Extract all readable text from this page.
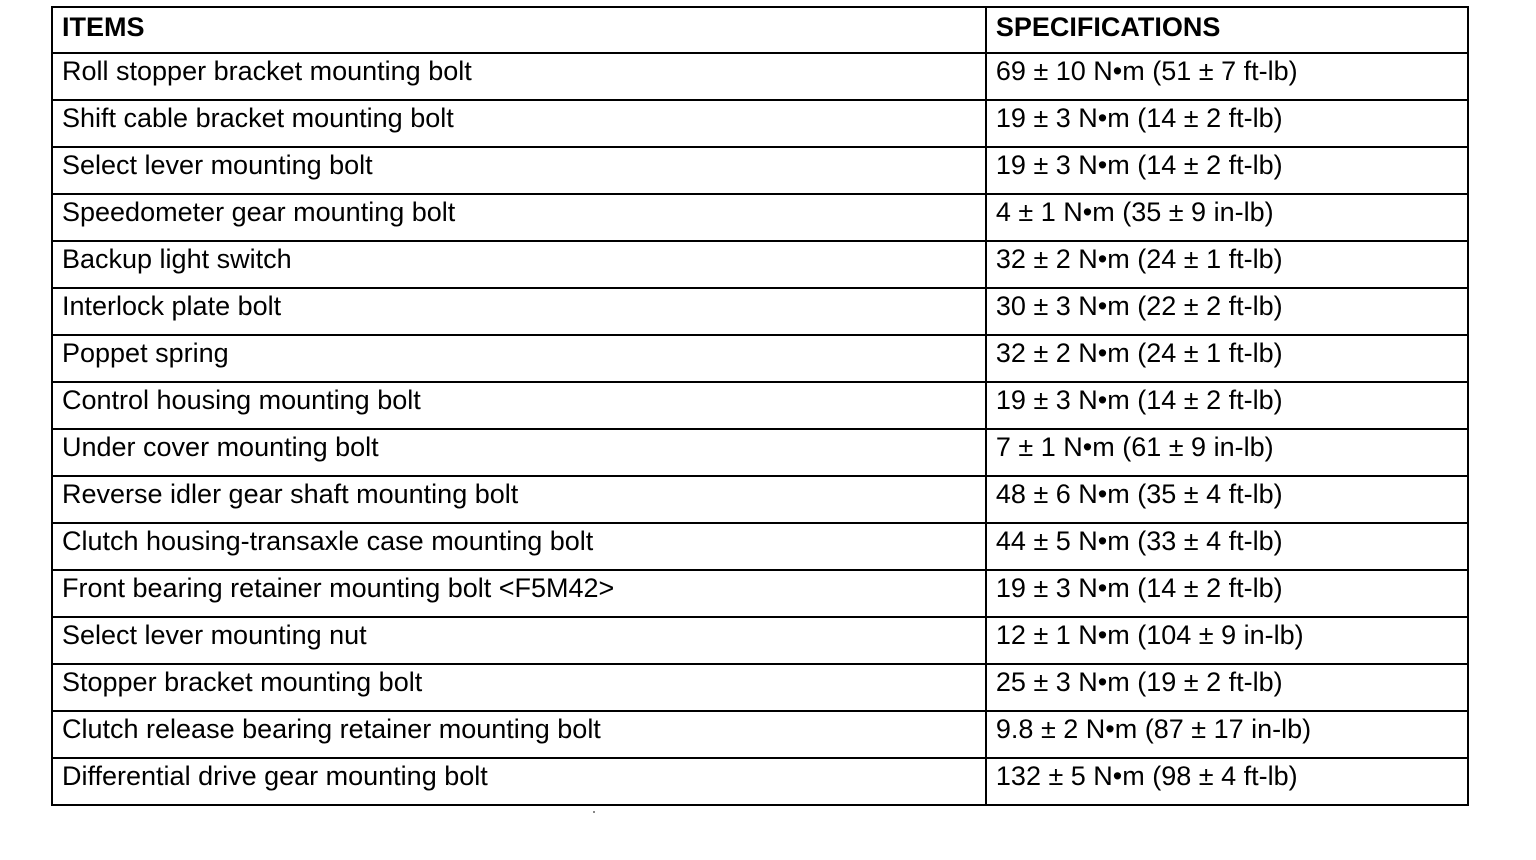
ITEMS	SPECIFICATIONS
Roll stopper bracket mounting bolt	69 ± 10 N•m (51 ± 7 ft-lb)
Shift cable bracket mounting bolt	19 ± 3 N•m (14 ± 2 ft-lb)
Select lever mounting bolt	19 ± 3 N•m (14 ± 2 ft-lb)
Speedometer gear mounting bolt	4 ± 1 N•m (35 ± 9 in-lb)
Backup light switch	32 ± 2 N•m (24 ± 1 ft-lb)
Interlock plate bolt	30 ± 3 N•m (22 ± 2 ft-lb)
Poppet spring	32 ± 2 N•m (24 ± 1 ft-lb)
Control housing mounting bolt	19 ± 3 N•m (14 ± 2 ft-lb)
Under cover mounting bolt	7 ± 1 N•m (61 ± 9 in-lb)
Reverse idler gear shaft mounting bolt	48 ± 6 N•m (35 ± 4 ft-lb)
Clutch housing-transaxle case mounting bolt	44 ± 5 N•m (33 ± 4 ft-lb)
Front bearing retainer mounting bolt <F5M42>	19 ± 3 N•m (14 ± 2 ft-lb)
Select lever mounting nut	12 ± 1 N•m (104 ± 9 in-lb)
Stopper bracket mounting bolt	25 ± 3 N•m (19 ± 2 ft-lb)
Clutch release bearing retainer mounting bolt	9.8 ± 2 N•m (87 ± 17 in-lb)
Differential drive gear mounting bolt	132 ± 5 N•m (98 ± 4 ft-lb)
